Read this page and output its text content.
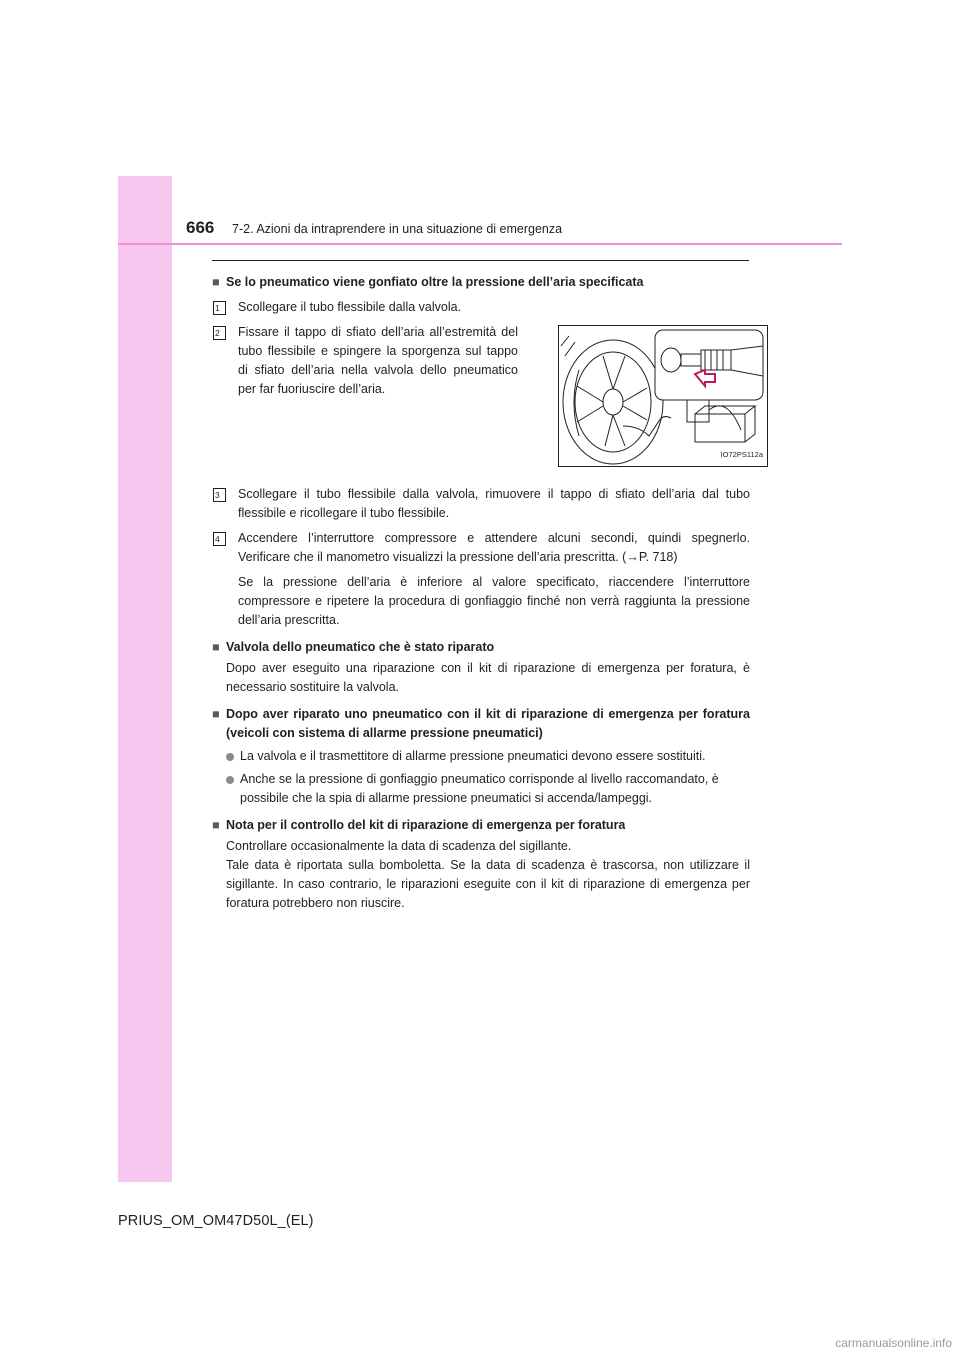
666 7-2. Azioni da intraprendere in una situazione di emergenza
■ Se lo pneumatico viene gonfiato oltre la pressione dell’aria specificata
1	Scollegare il tubo flessibile dalla valvola.

2	Fissare il tappo di sfiato dell’aria all’estremità del tubo flessibile e spingere la sporgenza sul tappo di sfiato dell’aria nella valvola dello pneumatico per far fuoriuscire dell’aria.

IO72PS112a
3	Scollegare il tubo flessibile dalla valvola, rimuovere il tappo di sfiato dell’aria dal tubo flessibile e ricollegare il tubo flessibile.

4	Accendere l’interruttore compressore e attendere alcuni secondi, quindi spegnerlo. Verificare che il manometro visualizzi la pressione dell’aria prescritta. (→P. 718)

Se la pressione dell’aria è inferiore al valore specificato, riaccendere l’interruttore compressore e ripetere la procedura di gonfiaggio finché non verrà raggiunta la pressione dell’aria prescritta.

■ Valvola dello pneumatico che è stato riparato

Dopo aver eseguito una riparazione con il kit di riparazione di emergenza per foratura, è necessario sostituire la valvola.

■ Dopo aver riparato uno pneumatico con il kit di riparazione di emergenza per foratura (veicoli con sistema di allarme pressione pneumatici)

La valvola e il trasmettitore di allarme pressione pneumatici devono essere sostituiti.

Anche se la pressione di gonfiaggio pneumatico corrisponde al livello raccomandato, è possibile che la spia di allarme pressione pneumatici si accenda/lampeggi.

■ Nota per il controllo del kit di riparazione di emergenza per foratura

Controllare occasionalmente la data di scadenza del sigillante.

Tale data è riportata sulla bomboletta. Se la data di scadenza è trascorsa, non utilizzare il sigillante. In caso contrario, le riparazioni eseguite con il kit di riparazione di emergenza per foratura potrebbero non riuscire.

PRIUS_OM_OM47D50L_(EL)
carmanualsonline.info
